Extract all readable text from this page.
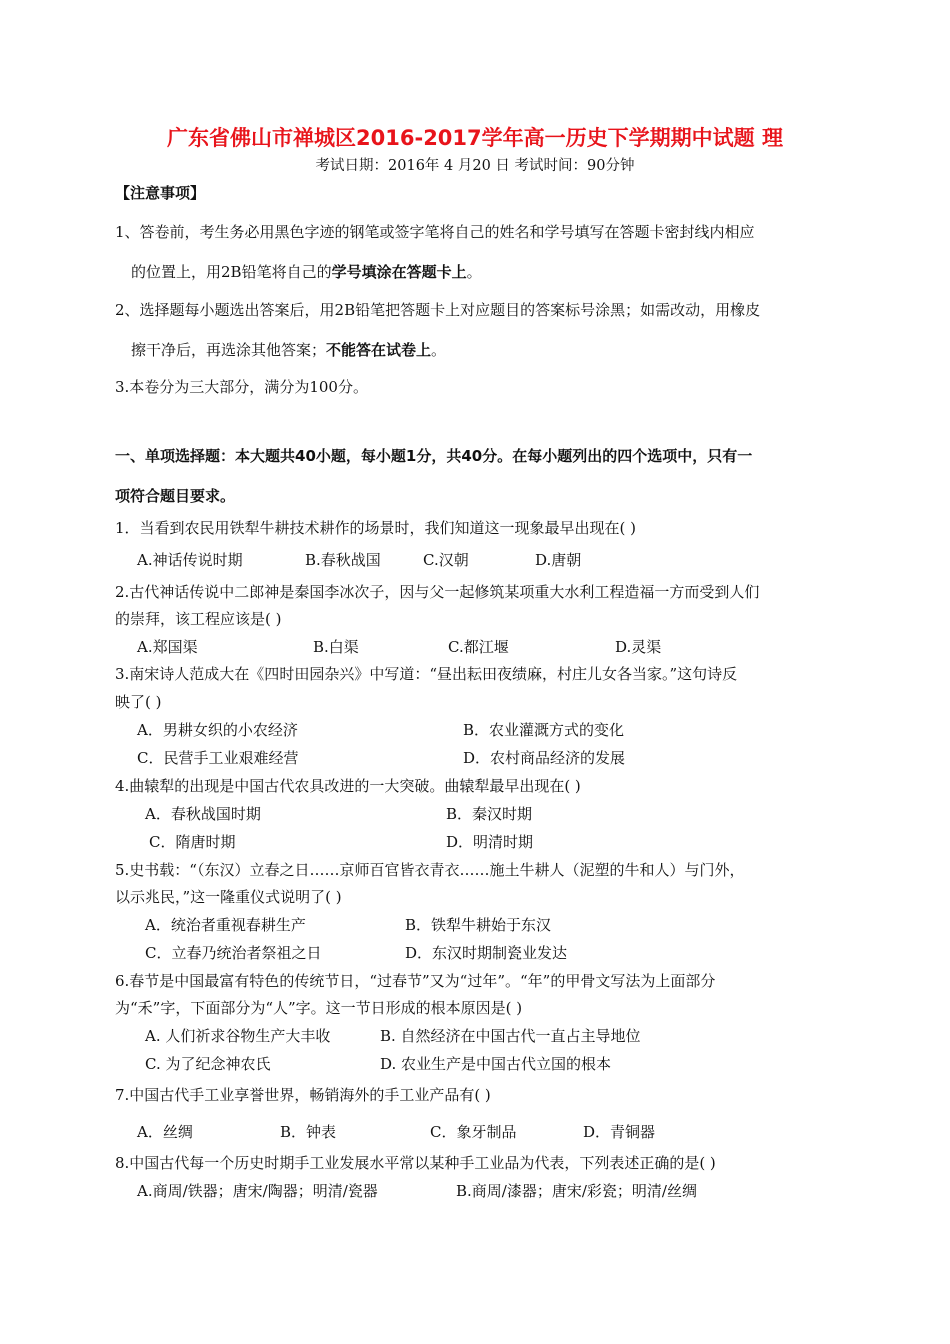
广东省佛山市禅城区2016-2017学年高一历史下学期期中试题 理
考试日期：2016年 4 月20 日 考试时间：90分钟
【注意事项】
1、答卷前，考生务必用黑色字迹的钢笔或签字笔将自己的姓名和学号填写在答题卡密封线内相应
的位置上，用2B铅笔将自己的学号填涂在答题卡上。
2、选择题每小题选出答案后，用2B铅笔把答题卡上对应题目的答案标号涂黑；如需改动，用橡皮
擦干净后，再选涂其他答案；不能答在试卷上。
3.本卷分为三大部分，满分为100分。
一、单项选择题：本大题共40小题，每小题1分，共40分。在每小题列出的四个选项中，只有一
项符合题目要求。
1．当看到农民用铁犁牛耕技术耕作的场景时，我们知道这一现象最早出现在( )
A.神话传说时期	B.春秋战国	C.汉朝	D.唐朝
2.古代神话传说中二郎神是秦国李冰次子，因与父一起修筑某项重大水利工程造福一方而受到人们
的崇拜，该工程应该是( )
A.郑国渠	B.白渠	C.都江堰	D.灵渠
3.南宋诗人范成大在《四时田园杂兴》中写道：“昼出耘田夜绩麻，村庄儿女各当家。”这句诗反
映了( )
A．男耕女织的小农经济	B．农业灌溉方式的变化
C．民营手工业艰难经营	D．农村商品经济的发展
4.曲辕犁的出现是中国古代农具改进的一大突破。曲辕犁最早出现在( )
A．春秋战国时期	B．秦汉时期
C．隋唐时期	D．明清时期
5.史书载：“（东汉）立春之日……京师百官皆衣青衣……施土牛耕人（泥塑的牛和人）与门外，
以示兆民，”这一隆重仪式说明了( )
A．统治者重视春耕生产	B．铁犁牛耕始于东汉
C．立春乃统治者祭祖之日	D．东汉时期制瓷业发达
6.春节是中国最富有特色的传统节日，“过春节”又为“过年”。“年”的甲骨文写法为上面部分
为“禾”字，下面部分为“人”字。这一节日形成的根本原因是( )
A. 人们祈求谷物生产大丰收	B. 自然经济在中国古代一直占主导地位
C. 为了纪念神农氏	D. 农业生产是中国古代立国的根本
7.中国古代手工业享誉世界，畅销海外的手工业产品有( )
A．丝绸	B．钟表	C．象牙制品	D．青铜器
8.中国古代每一个历史时期手工业发展水平常以某种手工业品为代表，下列表述正确的是( )
A.商周/铁器；唐宋/陶器；明清/瓷器	B.商周/漆器；唐宋/彩瓷；明清/丝绸
